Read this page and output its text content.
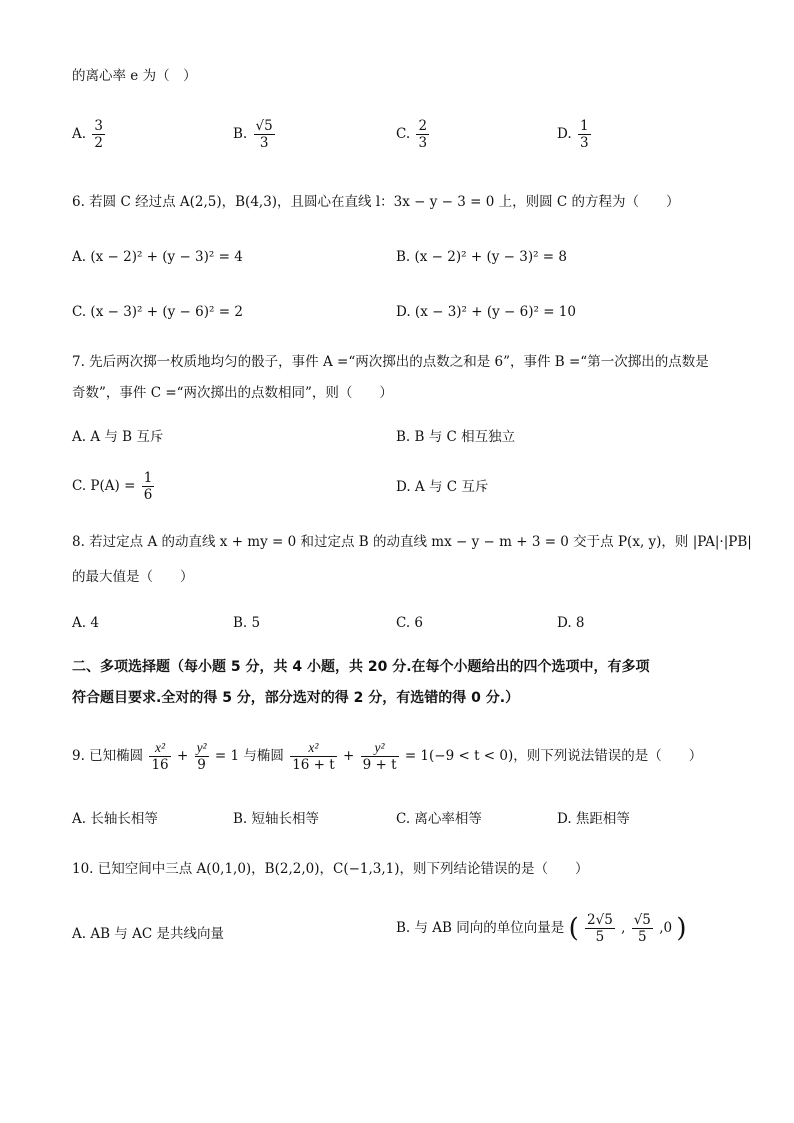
的离心率 e 为（　）
A. $\frac{3}{2}$	B. $\frac{√5}{3}$	C. $\frac{2}{3}$	D. $\frac{1}{3}$
6. 若圆 C 经过点 A(2,5)，B(4,3)，且圆心在直线 l：3x − y − 3 = 0 上，则圆 C 的方程为（　　）
A. (x − 2)² + (y − 3)² = 4	B. (x − 2)² + (y − 3)² = 8
C. (x − 3)² + (y − 6)² = 2	D. (x − 3)² + (y − 6)² = 10
7. 先后两次掷一枚质地均匀的骰子，事件 A =“两次掷出的点数之和是 6”，事件 B =“第一次掷出的点数是
奇数”，事件 C =“两次掷出的点数相同”，则（　　）
A. A 与 B 互斥	B. B 与 C 相互独立
C. $P(A) = \frac{1}{6}$	D. A 与 C 互斥
8. 若过定点 A 的动直线 x + my = 0 和过定点 B 的动直线 mx − y − m + 3 = 0 交于点 P(x, y)，则 |PA|·|PB|
的最大值是（　　）
A. 4	B. 5	C. 6	D. 8
二、多项选择题（每小题 5 分，共 4 小题，共 20 分.在每个小题给出的四个选项中，有多项
符合题目要求.全对的得 5 分，部分选对的得 2 分，有选错的得 0 分.）
9. 已知椭圆 $\frac{\text{x²}}{16} + \frac{\text{y²}}{9} = 1$ 与椭圆 $\frac{\text{x²}}{16 + t} + \frac{\text{y²}}{9 + t} = 1(-9 < t < 0)$，则下列说法错误的是（　　）
A. 长轴长相等	B. 短轴长相等	C. 离心率相等	D. 焦距相等
10. 已知空间中三点 A(0,1,0)，B(2,2,0)，C(−1,3,1)，则下列结论错误的是（　　）
A. AB 与 AC 是共线向量	B. 与 AB 同向的单位向量是 ( $\frac{2√5}{5}$ , $\frac{√5}{5} ,0$ )
